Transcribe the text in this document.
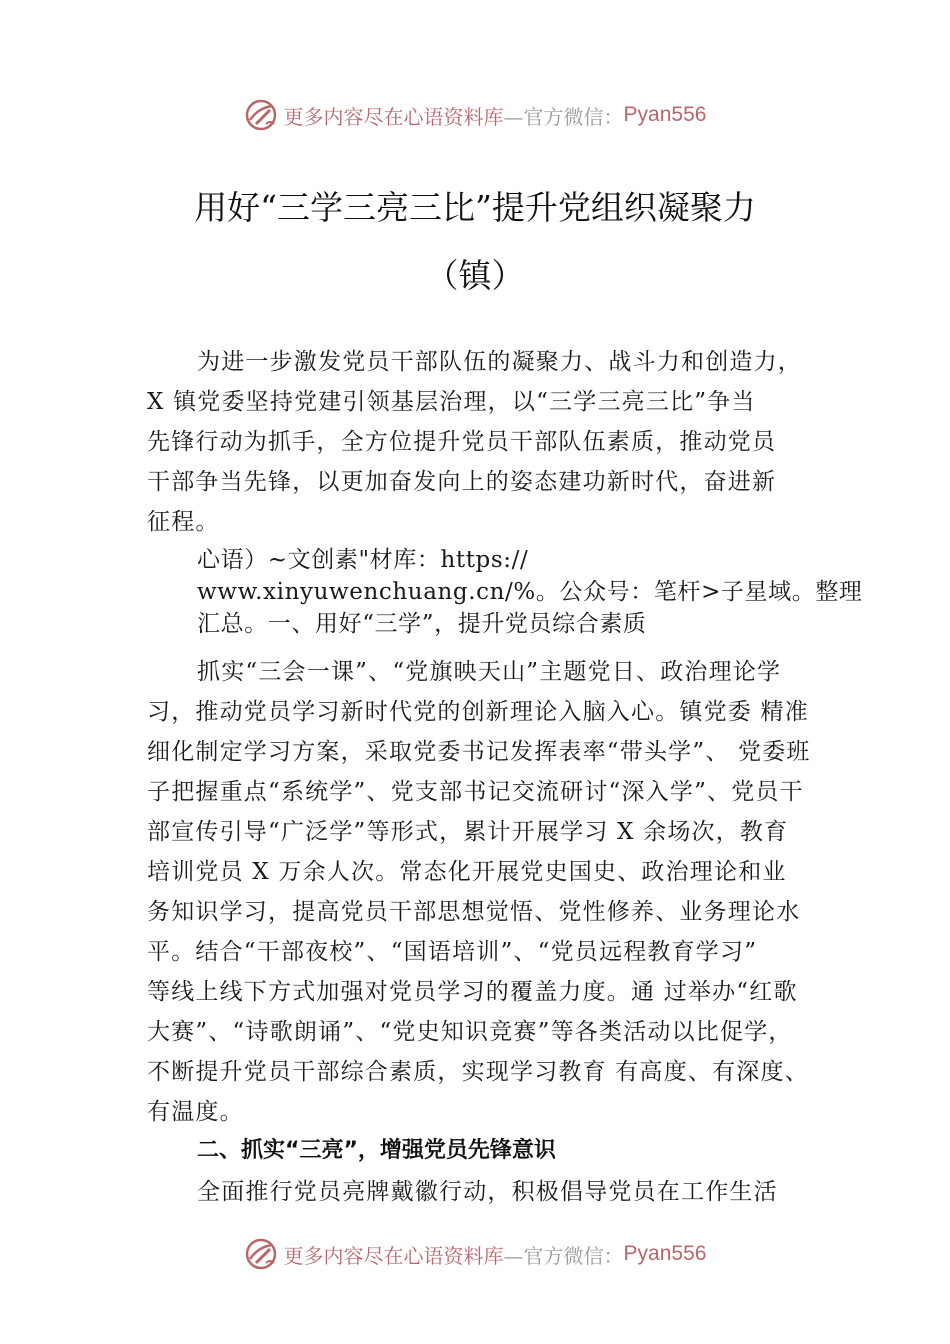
更多内容尽在心语资料库 —官方微信： Pyan556
用好“三学三亮三比”提升党组织凝聚力
（镇）
为进一步激发党员干部队伍的凝聚力、战斗力和创造力，
X 镇党委坚持党建引领基层治理，以“三学三亮三比”争当
先锋行动为抓手，全方位提升党员干部队伍素质，推动党员
干部争当先锋，以更加奋发向上的姿态建功新时代，奋进新
征程。
心语）~文创素"材库：https://
www.xinyuwenchuang.cn/%。公众号：笔杆>子星域。整理
汇总。一、用好“三学”，提升党员综合素质
抓实“三会一课”、“党旗映天山”主题党日、政治理论学
习，推动党员学习新时代党的创新理论入脑入心。镇党委 精准
细化制定学习方案，采取党委书记发挥表率“带头学”、 党委班
子把握重点“系统学”、党支部书记交流研讨“深入学”、党员干
部宣传引导“广泛学”等形式，累计开展学习 X 余场次，教育
培训党员 X 万余人次。常态化开展党史国史、政治理论和业
务知识学习，提高党员干部思想觉悟、党性修养、业务理论水
平。结合“干部夜校”、“国语培训”、“党员远程教育学习”
等线上线下方式加强对党员学习的覆盖力度。通 过举办“红歌
大赛”、“诗歌朗诵”、“党史知识竞赛”等各类活动以比促学，
不断提升党员干部综合素质，实现学习教育 有高度、有深度、
有温度。
二、抓实“三亮”，增强党员先锋意识
全面推行党员亮牌戴徽行动，积极倡导党员在工作生活
更多内容尽在心语资料库 —官方微信： Pyan556
